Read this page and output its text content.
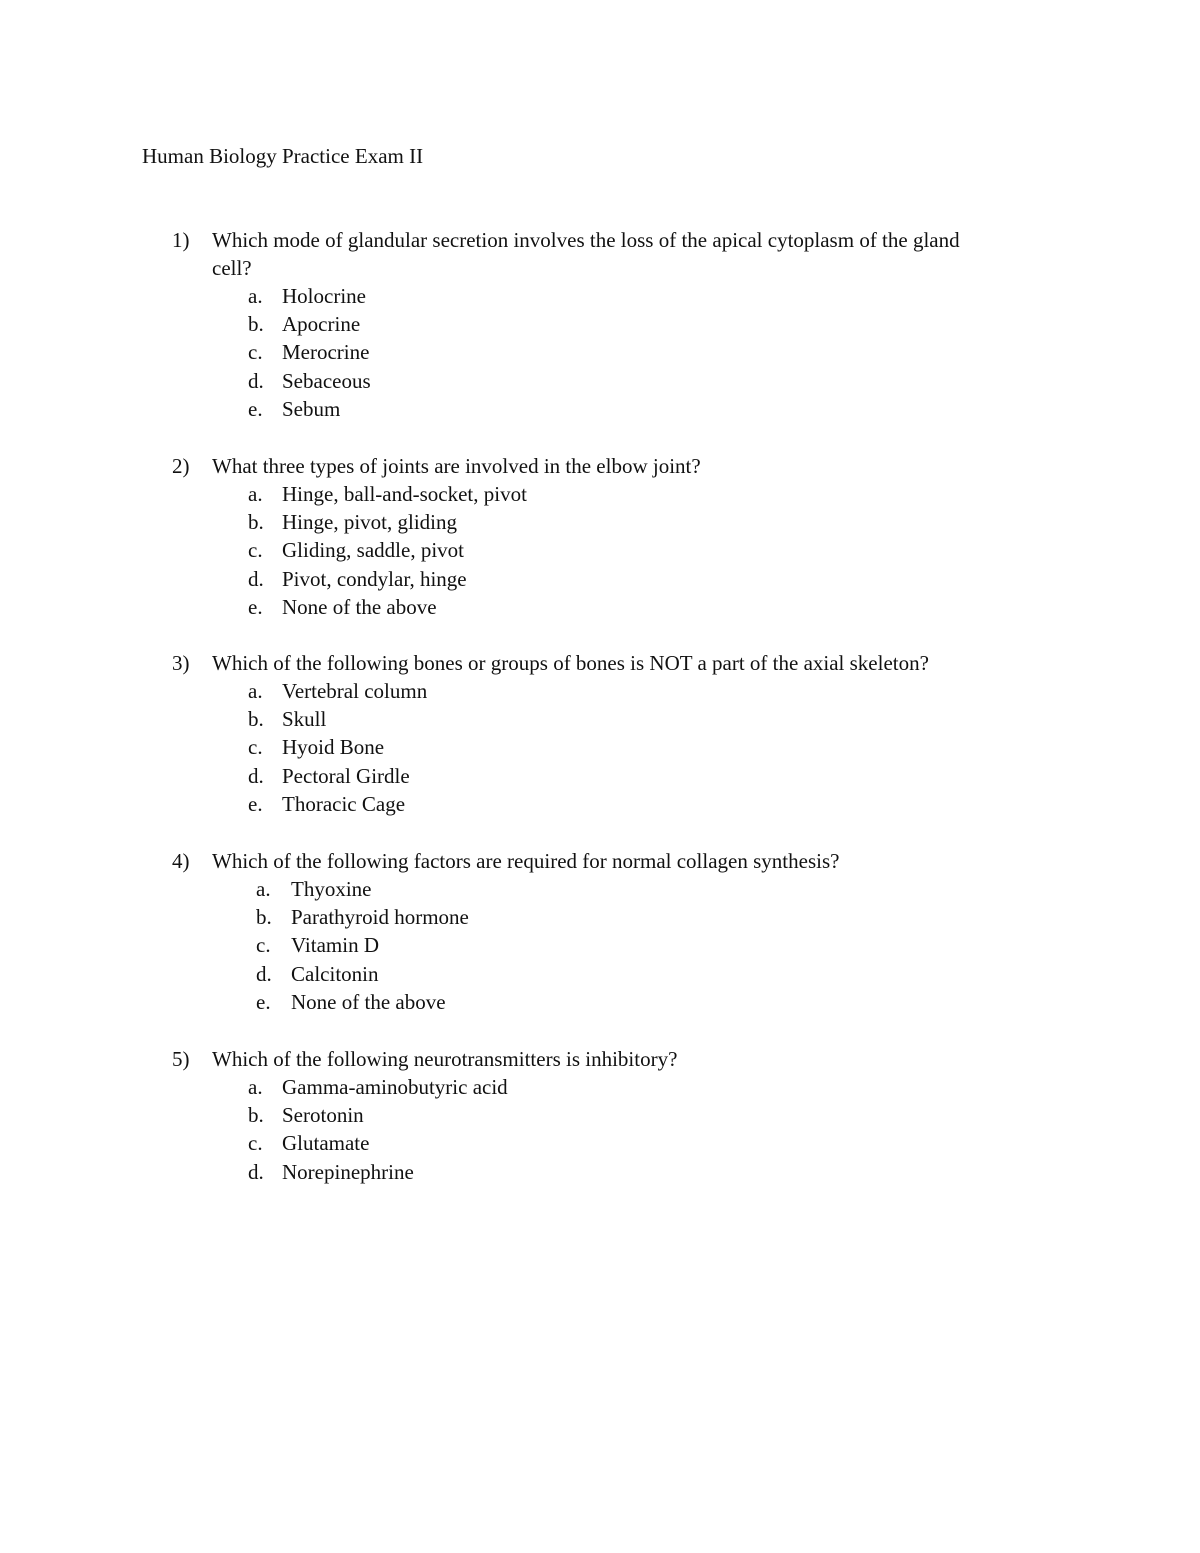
Human Biology Practice Exam II
1) Which mode of glandular secretion involves the loss of the apical cytoplasm of the gland
cell?
a. Holocrine
b. Apocrine
c. Merocrine
d. Sebaceous
e. Sebum
2) What three types of joints are involved in the elbow joint?
a. Hinge, ball-and-socket, pivot
b. Hinge, pivot, gliding
c. Gliding, saddle, pivot
d. Pivot, condylar, hinge
e. None of the above
3) Which of the following bones or groups of bones is NOT a part of the axial skeleton?
a. Vertebral column
b. Skull
c. Hyoid Bone
d. Pectoral Girdle
e. Thoracic Cage
4) Which of the following factors are required for normal collagen synthesis?
a. Thyoxine
b. Parathyroid hormone
c. Vitamin D
d. Calcitonin
e. None of the above
5) Which of the following neurotransmitters is inhibitory?
a. Gamma-aminobutyric acid
b. Serotonin
c. Glutamate
d. Norepinephrine
